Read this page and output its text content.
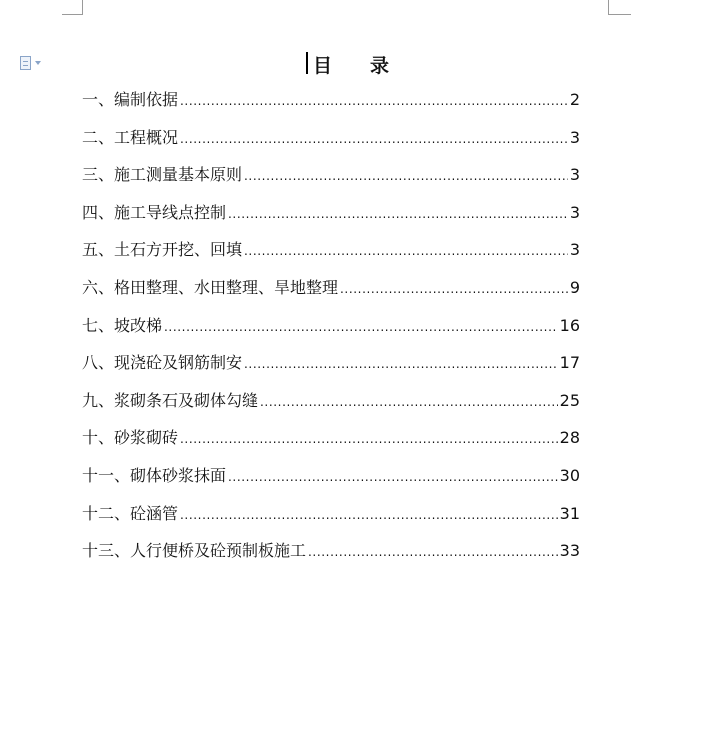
目　　录
一、编制依据 .....	2
二、工程概况 .....	3
三、施工测量基本原则 .....	3
四、施工导线点控制 .....	3
五、土石方开挖、回填 .....	3
六、格田整理、水田整理、旱地整理 .....	9
七、坡改梯 .....	16
八、现浇砼及钢筋制安 .....	17
九、浆砌条石及砌体勾缝 .....	25
十、砂浆砌砖 .....	28
十一、砌体砂浆抹面 .....	30
十二、砼涵管 .....	31
十三、人行便桥及砼预制板施工 .....	33
